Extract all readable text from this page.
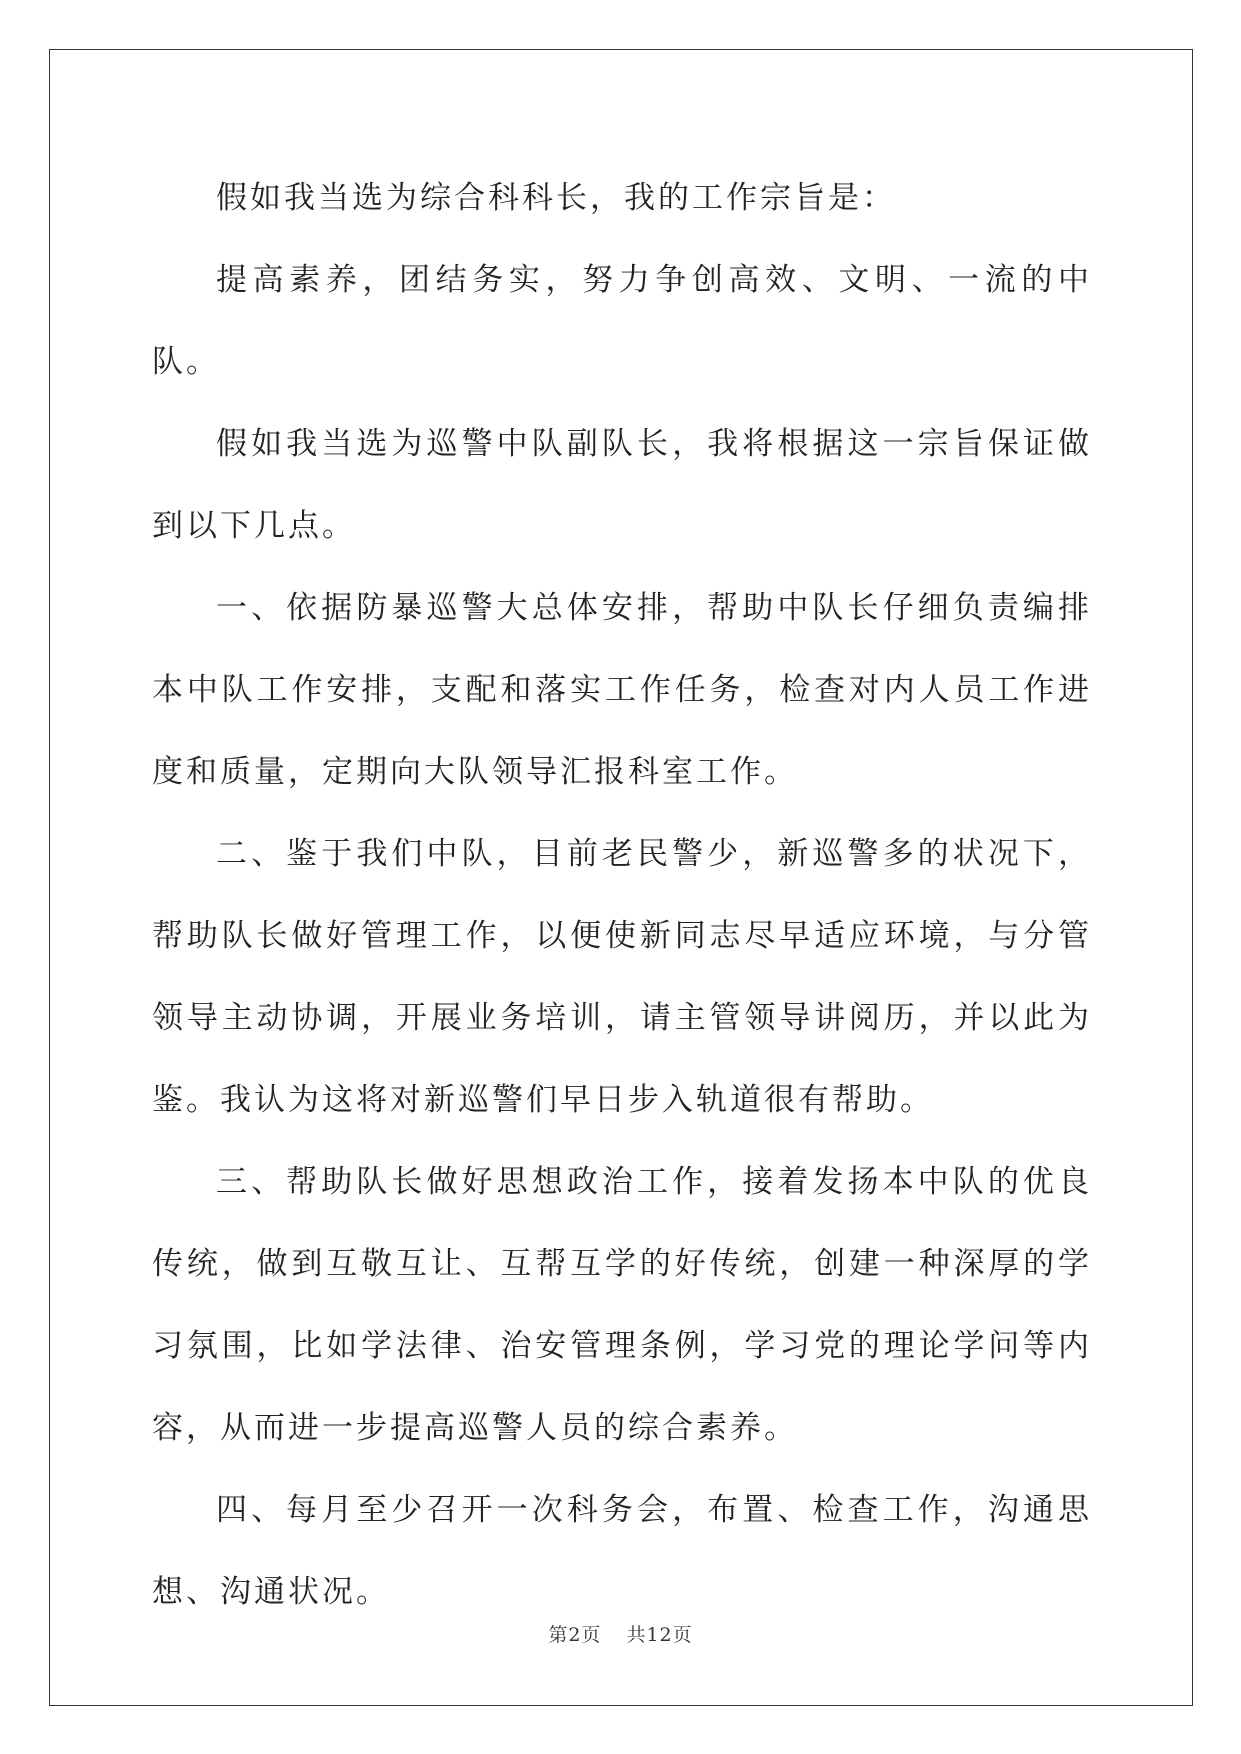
假如我当选为综合科科长，我的工作宗旨是：

提高素养，团结务实，努力争创高效、文明、一流的中队。

假如我当选为巡警中队副队长，我将根据这一宗旨保证做到以下几点。

一、依据防暴巡警大总体安排，帮助中队长仔细负责编排本中队工作安排，支配和落实工作任务，检查对内人员工作进度和质量，定期向大队领导汇报科室工作。

二、鉴于我们中队，目前老民警少，新巡警多的状况下，帮助队长做好管理工作，以便使新同志尽早适应环境，与分管领导主动协调，开展业务培训，请主管领导讲阅历，并以此为鉴。我认为这将对新巡警们早日步入轨道很有帮助。

三、帮助队长做好思想政治工作，接着发扬本中队的优良传统，做到互敬互让、互帮互学的好传统，创建一种深厚的学习氛围，比如学法律、治安管理条例，学习党的理论学问等内容，从而进一步提高巡警人员的综合素养。

四、每月至少召开一次科务会，布置、检查工作，沟通思想、沟通状况。

第2页 共12页
